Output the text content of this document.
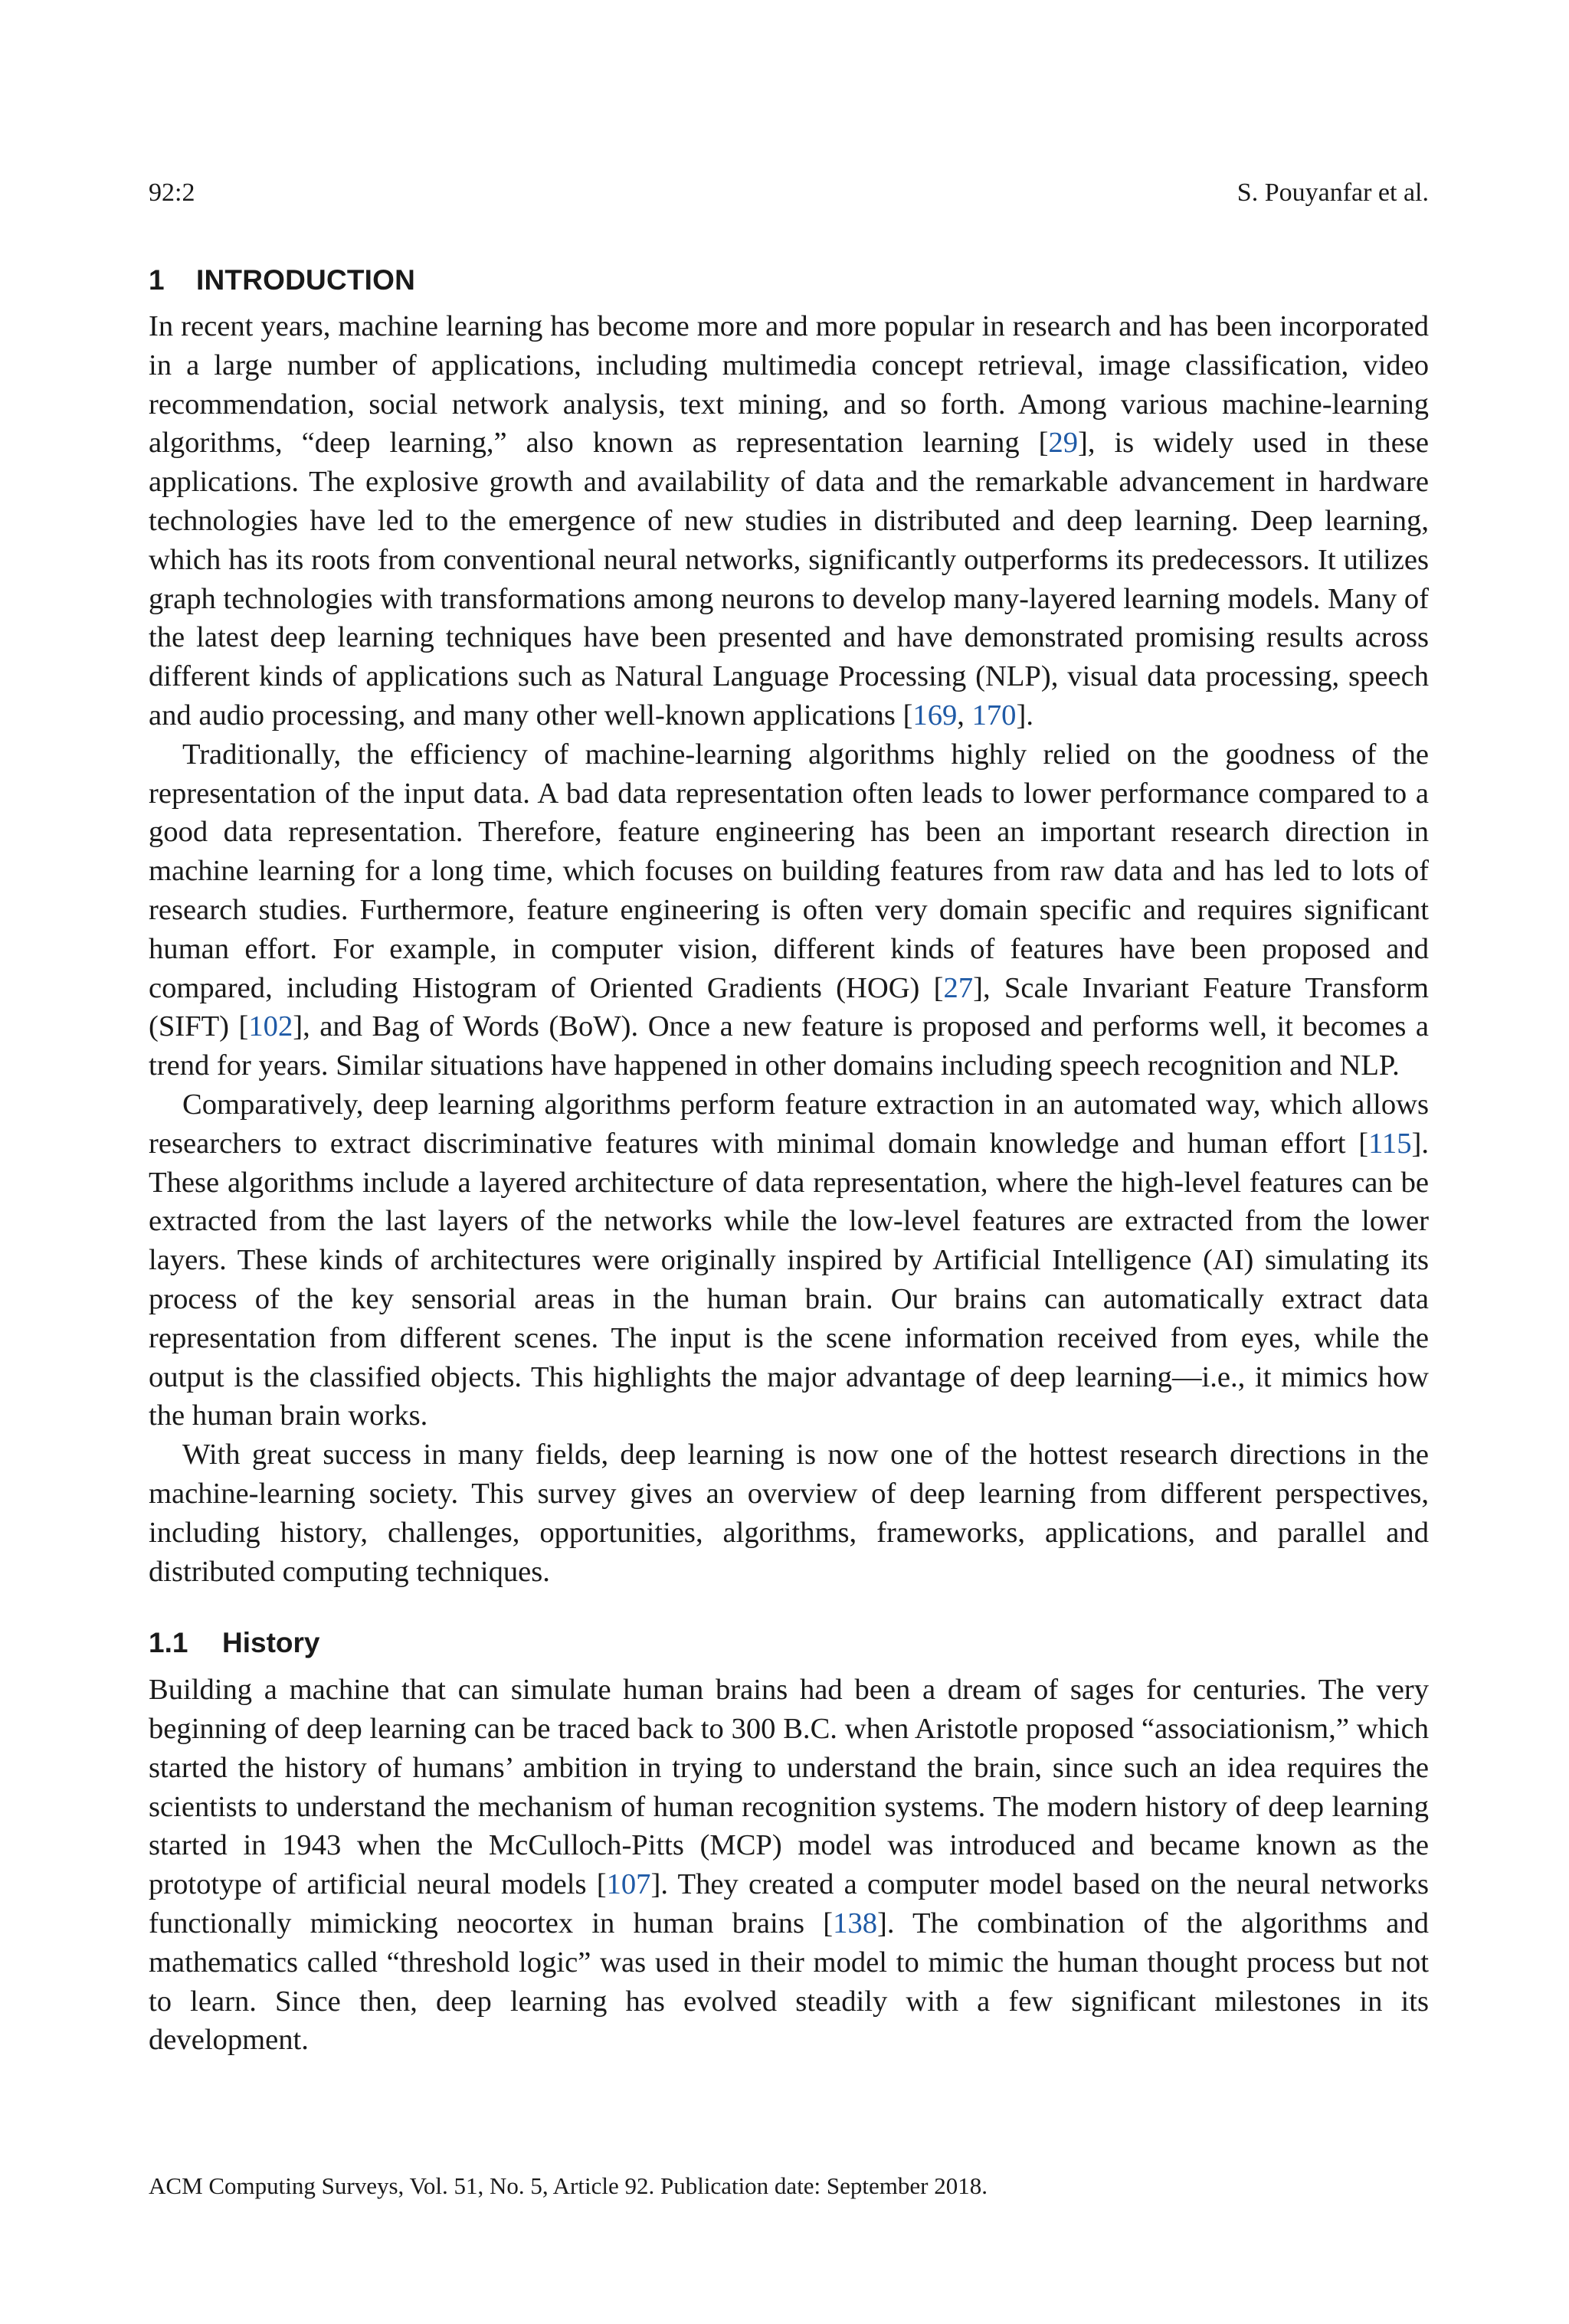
92:2	S. Pouyanfar et al.
1 INTRODUCTION

In recent years, machine learning has become more and more popular in research and has been incorporated in a large number of applications, including multimedia concept retrieval, image classification, video recommendation, social network analysis, text mining, and so forth. Among various machine-learning algorithms, “deep learning,” also known as representation learning [29], is widely used in these applications. The explosive growth and availability of data and the remarkable advancement in hardware technologies have led to the emergence of new studies in distributed and deep learning. Deep learning, which has its roots from conventional neural networks, significantly outperforms its predecessors. It utilizes graph technologies with transformations among neurons to develop many-layered learning models. Many of the latest deep learning techniques have been presented and have demonstrated promising results across different kinds of applications such as Natural Language Processing (NLP), visual data processing, speech and audio processing, and many other well-known applications [169, 170].

Traditionally, the efficiency of machine-learning algorithms highly relied on the goodness of the representation of the input data. A bad data representation often leads to lower performance compared to a good data representation. Therefore, feature engineering has been an important research direction in machine learning for a long time, which focuses on building features from raw data and has led to lots of research studies. Furthermore, feature engineering is often very domain specific and requires significant human effort. For example, in computer vision, different kinds of features have been proposed and compared, including Histogram of Oriented Gradients (HOG) [27], Scale Invariant Feature Transform (SIFT) [102], and Bag of Words (BoW). Once a new feature is proposed and performs well, it becomes a trend for years. Similar situations have happened in other domains including speech recognition and NLP.

Comparatively, deep learning algorithms perform feature extraction in an automated way, which allows researchers to extract discriminative features with minimal domain knowledge and human effort [115]. These algorithms include a layered architecture of data representation, where the high-level features can be extracted from the last layers of the networks while the low-level features are extracted from the lower layers. These kinds of architectures were originally inspired by Artificial Intelligence (AI) simulating its process of the key sensorial areas in the human brain. Our brains can automatically extract data representation from different scenes. The input is the scene information received from eyes, while the output is the classified objects. This highlights the major advantage of deep learning—i.e., it mimics how the human brain works.

With great success in many fields, deep learning is now one of the hottest research directions in the machine-learning society. This survey gives an overview of deep learning from different perspectives, including history, challenges, opportunities, algorithms, frameworks, applications, and parallel and distributed computing techniques.

1.1 History

Building a machine that can simulate human brains had been a dream of sages for centuries. The very beginning of deep learning can be traced back to 300 B.C. when Aristotle proposed “associationism,” which started the history of humans’ ambition in trying to understand the brain, since such an idea requires the scientists to understand the mechanism of human recognition systems. The modern history of deep learning started in 1943 when the McCulloch-Pitts (MCP) model was introduced and became known as the prototype of artificial neural models [107]. They created a computer model based on the neural networks functionally mimicking neocortex in human brains [138]. The combination of the algorithms and mathematics called “threshold logic” was used in their model to mimic the human thought process but not to learn. Since then, deep learning has evolved steadily with a few significant milestones in its development.

ACM Computing Surveys, Vol. 51, No. 5, Article 92. Publication date: September 2018.
